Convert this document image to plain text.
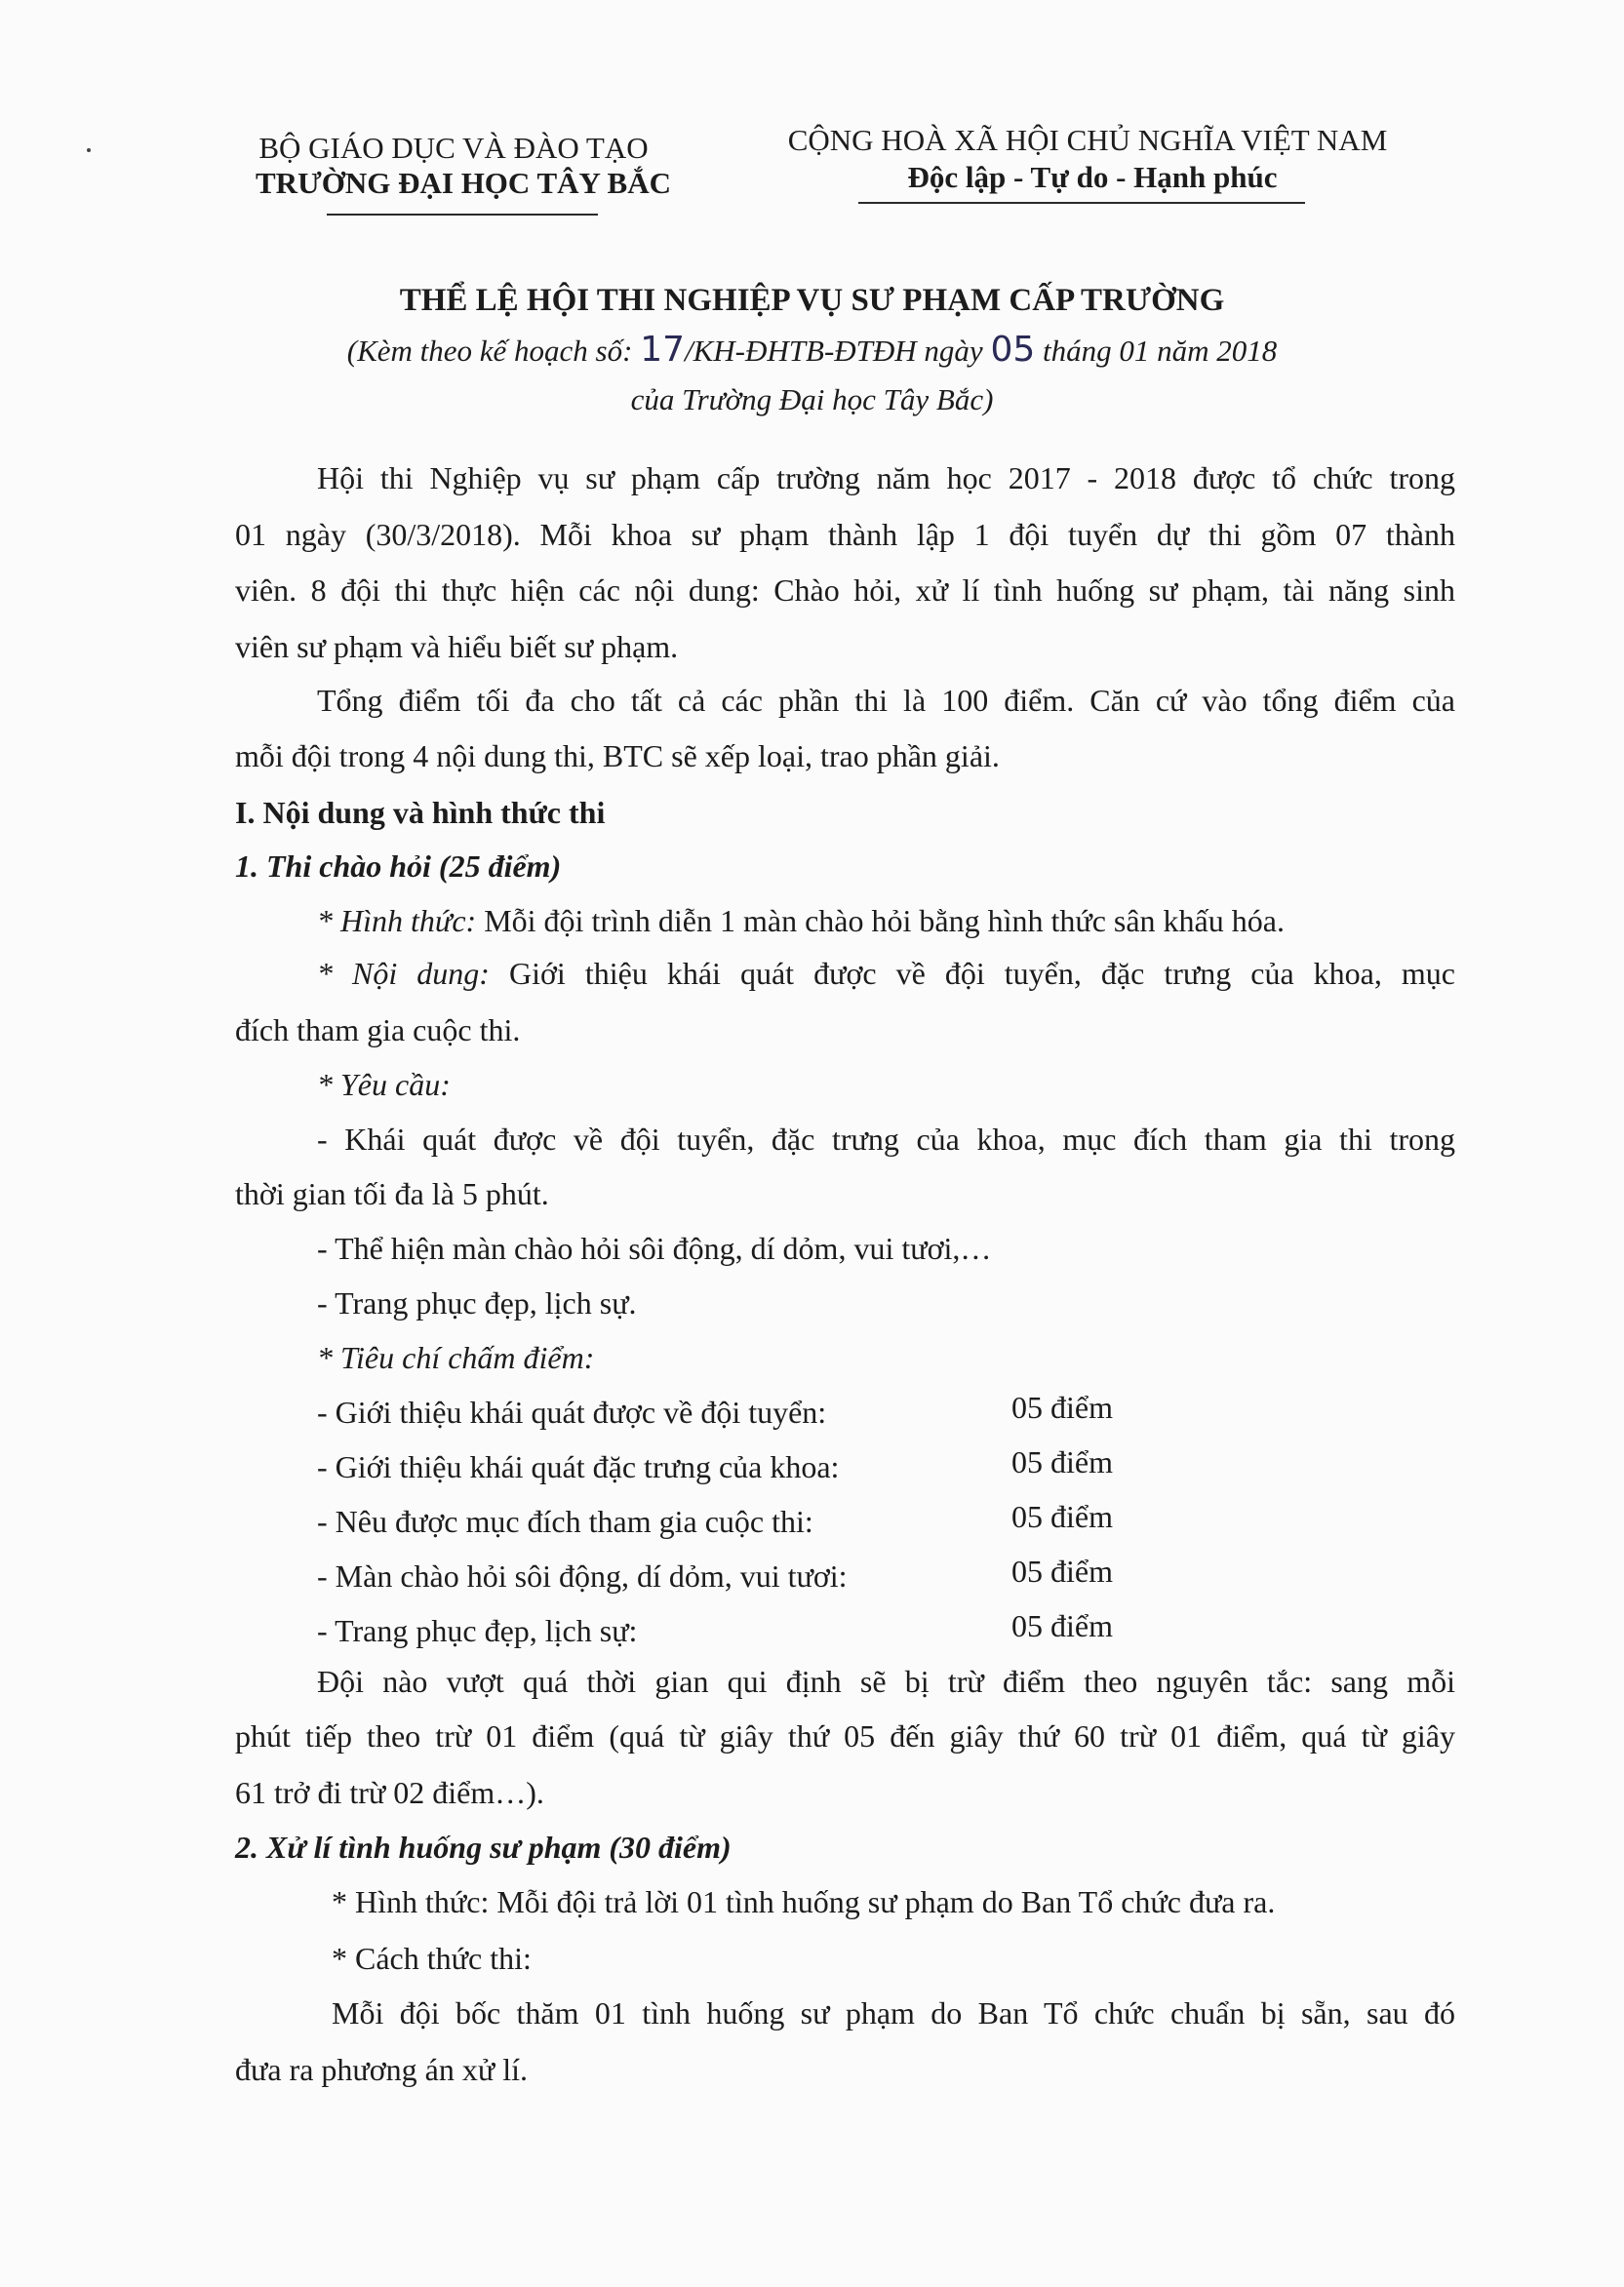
BỘ GIÁO DỤC VÀ ĐÀO TẠO
TRƯỜNG ĐẠI HỌC TÂY BẮC
CỘNG HOÀ XÃ HỘI CHỦ NGHĨA VIỆT NAM
Độc lập - Tự do - Hạnh phúc
THỂ LỆ HỘI THI NGHIỆP VỤ SƯ PHẠM CẤP TRƯỜNG
(Kèm theo kế hoạch số: 17/KH-ĐHTB-ĐTĐH ngày 05 tháng 01 năm 2018
của Trường Đại học Tây Bắc)
Hội thi Nghiệp vụ sư phạm cấp trường năm học 2017 - 2018 được tổ chức trong
01 ngày (30/3/2018). Mỗi khoa sư phạm thành lập 1 đội tuyển dự thi gồm 07 thành
viên. 8 đội thi thực hiện các nội dung: Chào hỏi, xử lí tình huống sư phạm, tài năng sinh
viên sư phạm và hiểu biết sư phạm.
Tổng điểm tối đa cho tất cả các phần thi là 100 điểm. Căn cứ vào tổng điểm của
mỗi đội trong 4 nội dung thi, BTC sẽ xếp loại, trao phần giải.
I. Nội dung và hình thức thi
1. Thi chào hỏi (25 điểm)
* Hình thức: Mỗi đội trình diễn 1 màn chào hỏi bằng hình thức sân khấu hóa.
* Nội dung: Giới thiệu khái quát được về đội tuyển, đặc trưng của khoa, mục
đích tham gia cuộc thi.
* Yêu cầu:
- Khái quát được về đội tuyển, đặc trưng của khoa, mục đích tham gia thi trong
thời gian tối đa là 5 phút.
- Thể hiện màn chào hỏi sôi động, dí dỏm, vui tươi,…
- Trang phục đẹp, lịch sự.
* Tiêu chí chấm điểm:
- Giới thiệu khái quát được về đội tuyển:	05 điểm
- Giới thiệu khái quát đặc trưng của khoa:	05 điểm
- Nêu được mục đích tham gia cuộc thi:	05 điểm
- Màn chào hỏi sôi động, dí dỏm, vui tươi:	05 điểm
- Trang phục đẹp, lịch sự:	05 điểm
Đội nào vượt quá thời gian qui định sẽ bị trừ điểm theo nguyên tắc: sang mỗi
phút tiếp theo trừ 01 điểm (quá từ giây thứ 05 đến giây thứ 60 trừ 01 điểm, quá từ giây
61 trở đi trừ 02 điểm…).
2. Xử lí tình huống sư phạm (30 điểm)
* Hình thức: Mỗi đội trả lời 01 tình huống sư phạm do Ban Tổ chức đưa ra.
* Cách thức thi:
Mỗi đội bốc thăm 01 tình huống sư phạm do Ban Tổ chức chuẩn bị sẵn, sau đó
đưa ra phương án xử lí.
